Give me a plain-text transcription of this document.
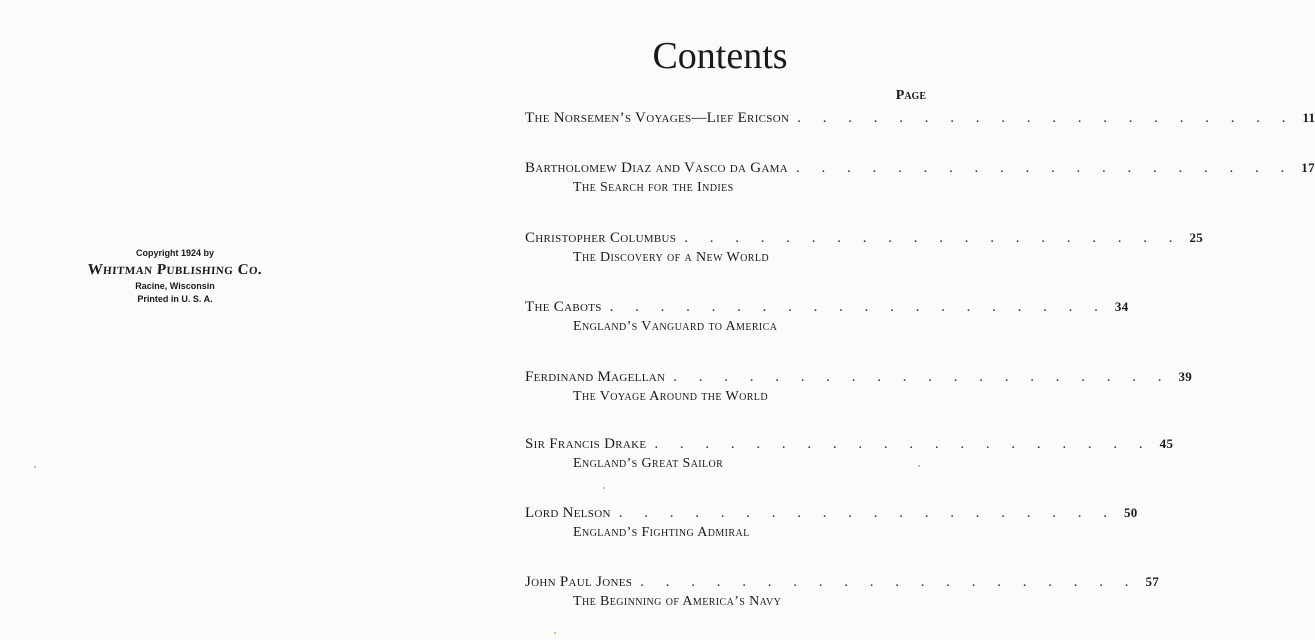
Copyright 1924 by
Whitman Publishing Co.
Racine, Wisconsin
Printed in U. S. A.
Contents
Page
The Norsemen’s Voyages—Lief Ericson . . . . . . . . . . . . . . . . . . . . 11
Bartholomew Diaz and Vasco da Gama . . . . . . . . . . . . . . . . . . . . 17
The Search for the Indies
Christopher Columbus . . . . . . . . . . . . . . . . . . . . 25
The Discovery of a New World
The Cabots . . . . . . . . . . . . . . . . . . . . 34
England’s Vanguard to America
Ferdinand Magellan . . . . . . . . . . . . . . . . . . . . 39
The Voyage Around the World
Sir Francis Drake . . . . . . . . . . . . . . . . . . . . 45
England’s Great Sailor
Lord Nelson . . . . . . . . . . . . . . . . . . . . 50
England’s Fighting Admiral
John Paul Jones . . . . . . . . . . . . . . . . . . . . 57
The Beginning of America’s Navy
